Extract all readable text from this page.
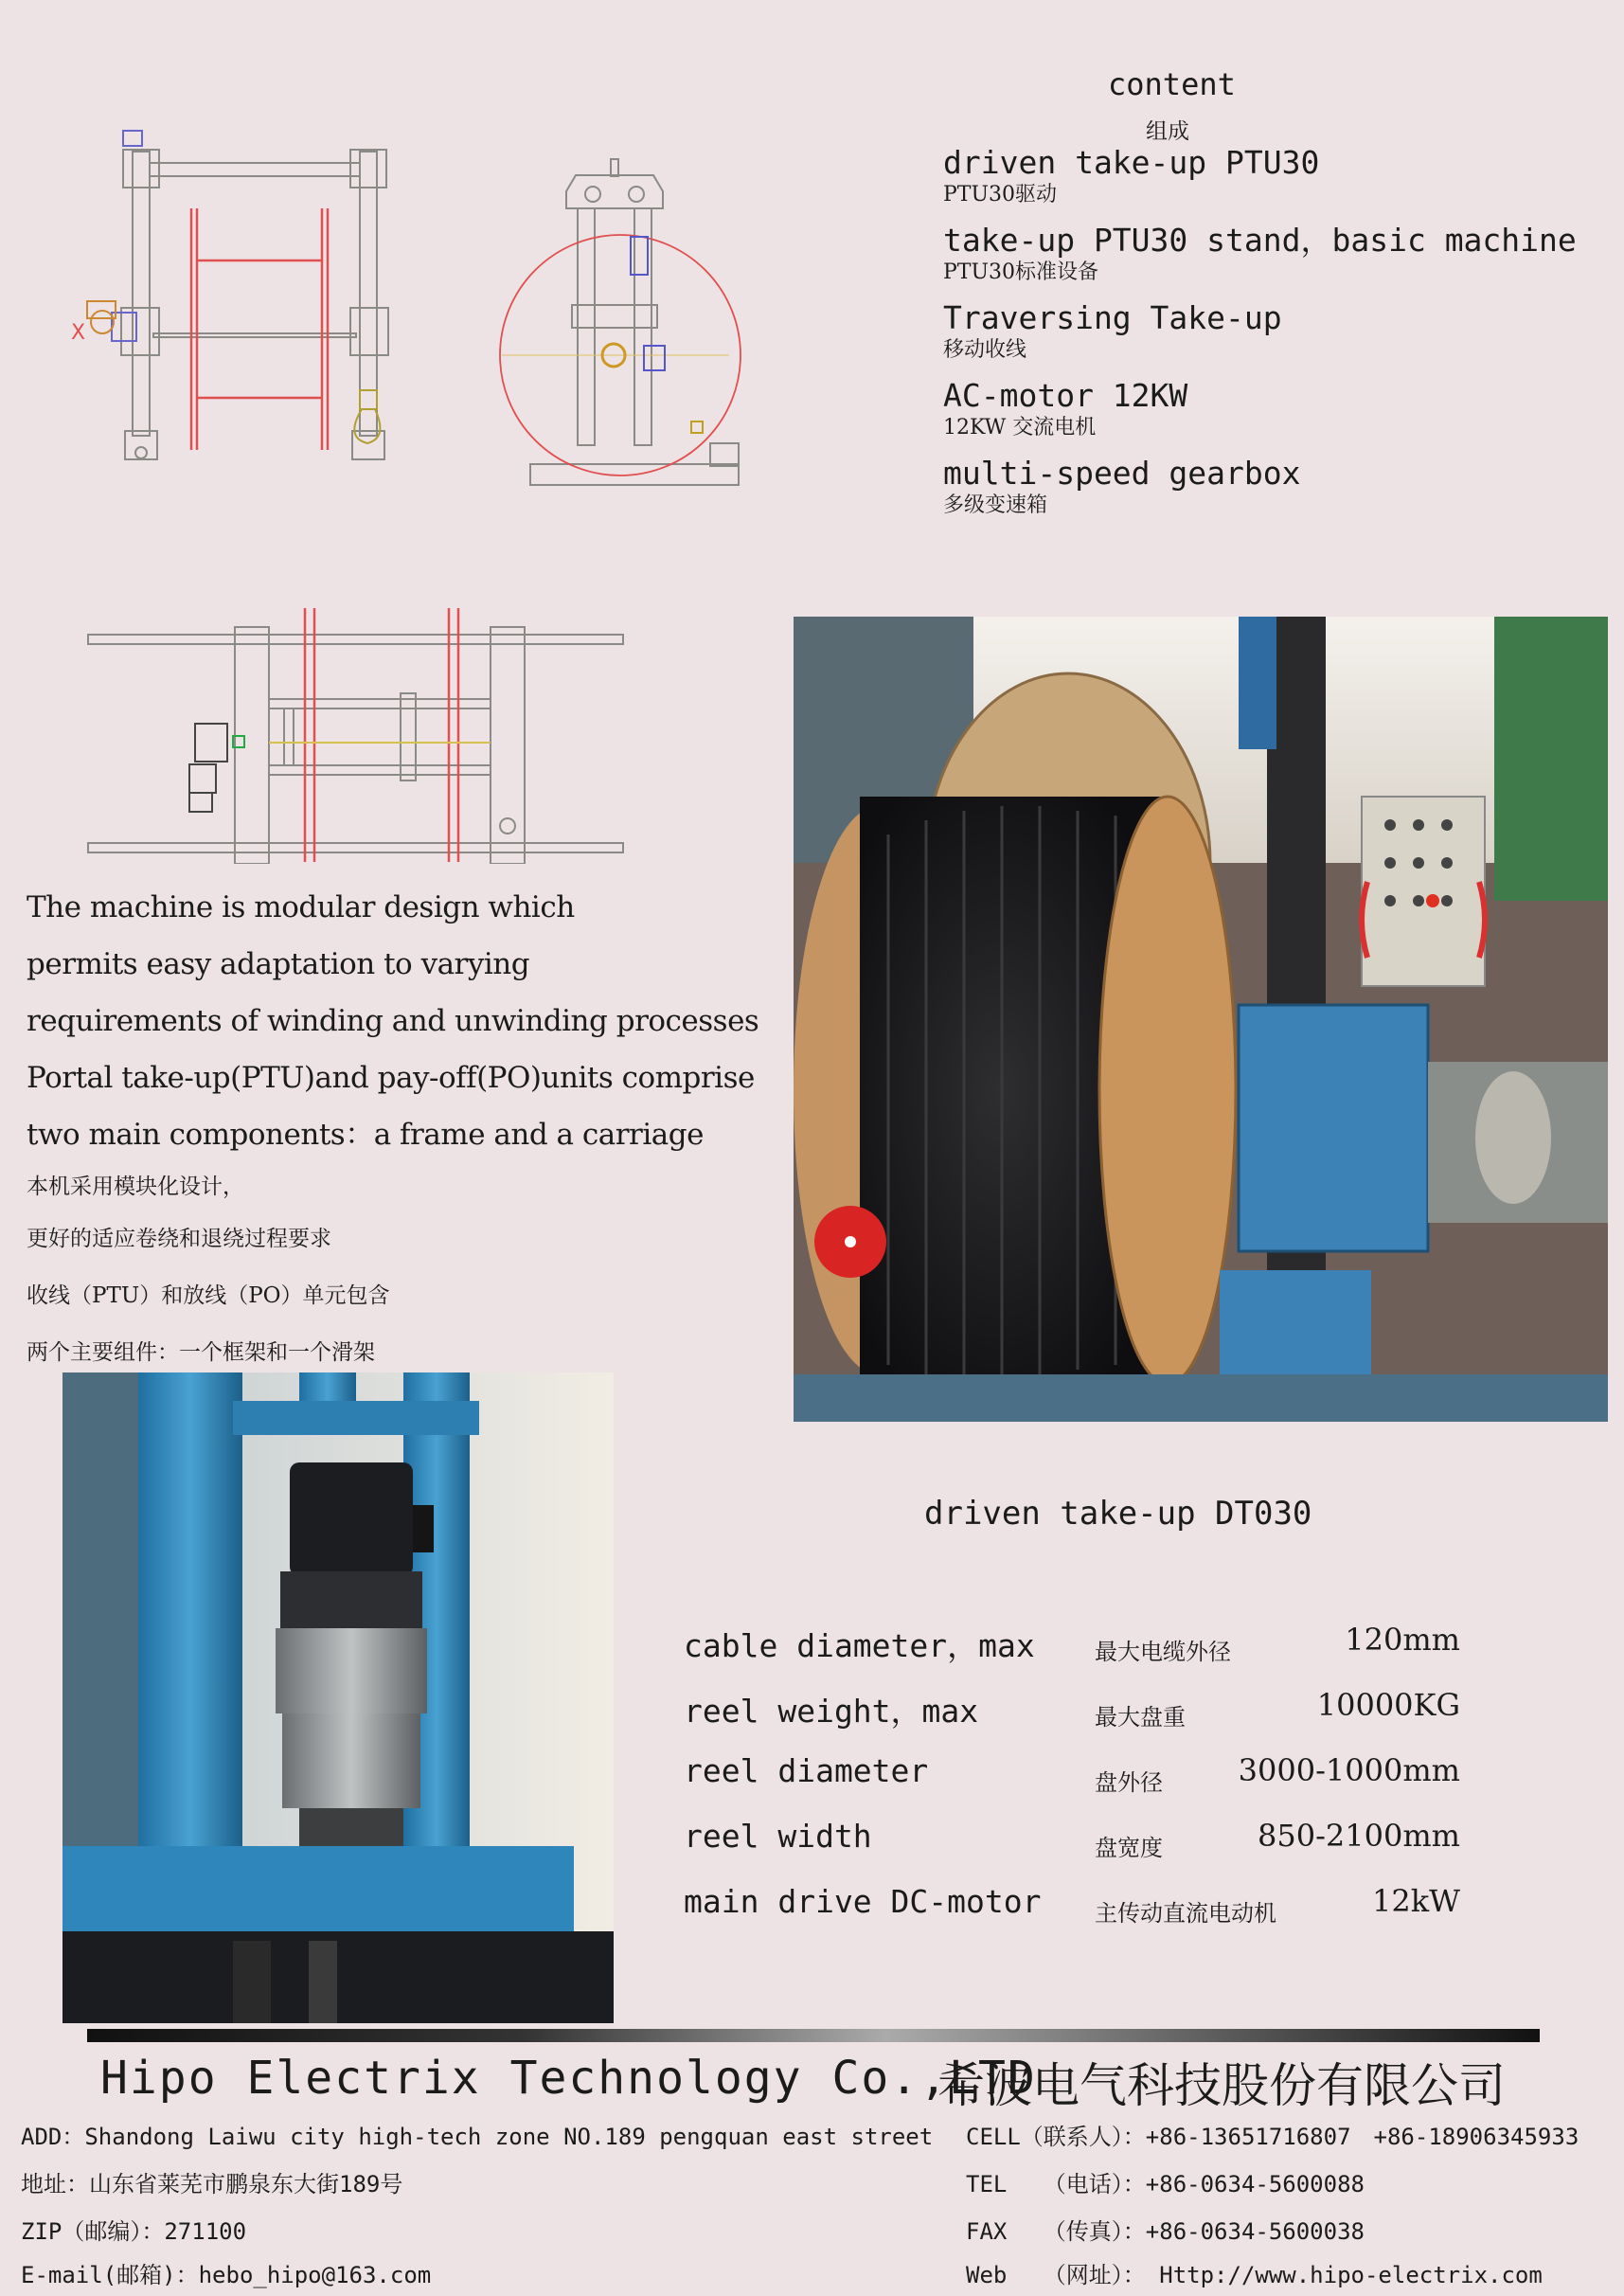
content
组成
driven take-up PTU30
PTU30驱动
take-up PTU30 stand，basic machine
PTU30标准设备
Traversing Take-up
移动收线
AC-motor 12KW
12KW 交流电机
multi-speed gearbox
多级变速箱
X
The machine is modular design which
permits easy adaptation to varying
requirements of winding and unwinding processes
Portal take-up(PTU)and pay-off(PO)units comprise
two main components：a frame and a carriage
本机采用模块化设计，
更好的适应卷绕和退绕过程要求
收线（PTU）和放线（PO）单元包含
两个主要组件：一个框架和一个滑架
driven take-up DT030
cable diameter，max	最大电缆外径	120mm
reel weight，max	最大盘重	10000KG
reel diameter	盘外径	3000-1000mm
reel width	盘宽度	850-2100mm
main drive DC-motor 主传动直流电动机	12kW
Hipo Electrix Technology Co.,LTD
希波电气科技股份有限公司
ADD：Shandong Laiwu city high-tech zone NO.189 pengquan east street
地址：山东省莱芜市鹏泉东大街189号
ZIP（邮编）：271100
E-mail(邮箱)：hebo_hipo@163.com
CELL（联系人）：+86-13651716807　+86-18906345933
TEL　 （电话）：+86-0634-5600088
FAX　 （传真）：+86-0634-5600038
Web　 （网址）： Http://www.hipo-electrix.com
